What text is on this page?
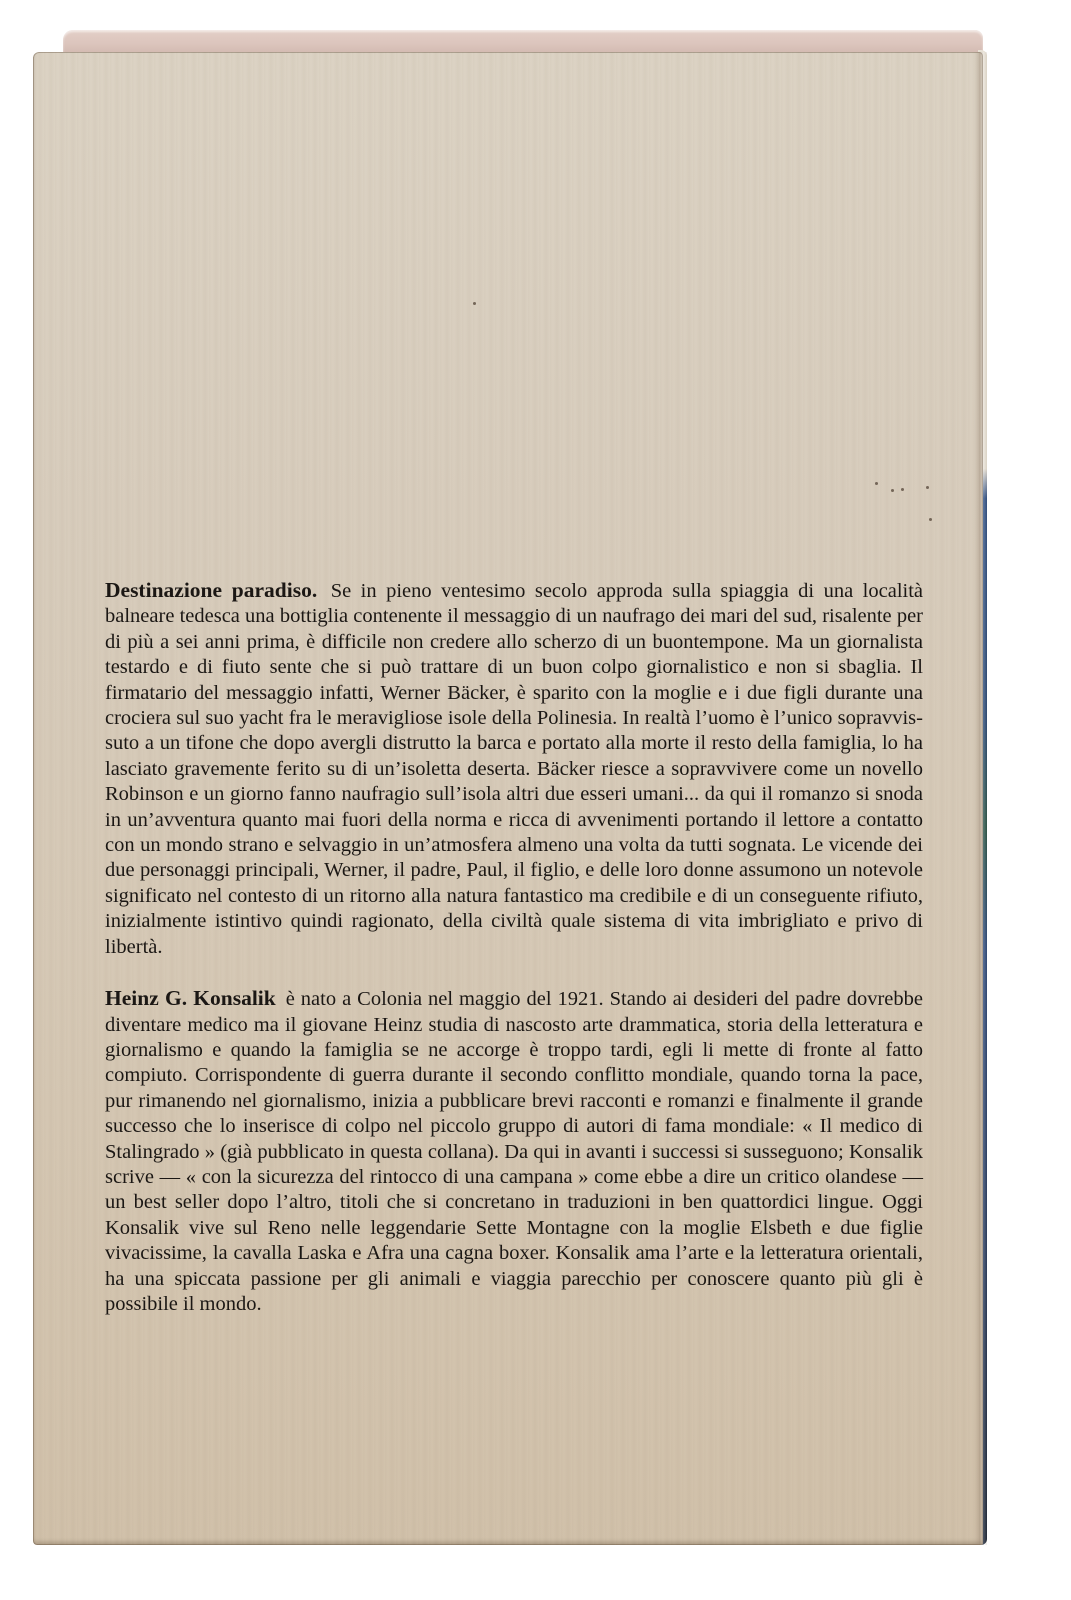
Destinazione paradiso. Se in pieno ventesimo secolo approda sulla spiaggia di una località balneare tedesca una bottiglia contenente il messaggio di un naufrago dei mari del sud, risalente per di più a sei anni prima, è difficile non credere allo scherzo di un buontempone. Ma un giornalista testardo e di fiuto sente che si può trattare di un buon colpo giornalistico e non si sbaglia. Il firmatario del messaggio infatti, Werner Bäcker, è sparito con la moglie e i due figli durante una crociera sul suo yacht fra le meravigliose isole della Polinesia. In realtà l’uomo è l’unico sopravvissuto a un tifone che dopo avergli distrutto la barca e portato alla morte il resto della famiglia, lo ha lasciato gravemente ferito su di un’isoletta deserta. Bäcker riesce a sopravvivere come un novello Robinson e un giorno fanno naufragio sull’isola altri due esseri umani... da qui il romanzo si snoda in un’avventura quanto mai fuori della norma e ricca di avvenimenti portando il lettore a contatto con un mondo strano e selvaggio in un’atmosfera almeno una volta da tutti sognata. Le vicende dei due personaggi principali, Werner, il padre, Paul, il figlio, e delle loro donne assumono un notevole significato nel contesto di un ritorno alla natura fantastico ma credibile e di un conseguente rifiuto, inizialmente istintivo quindi ragionato, della civiltà quale sistema di vita imbrigliato e privo di libertà.

Heinz G. Konsalik è nato a Colonia nel maggio del 1921. Stando ai desideri del padre dovrebbe diventare medico ma il giovane Heinz studia di nascosto arte drammatica, storia della letteratura e giornalismo e quando la famiglia se ne accorge è troppo tardi, egli li mette di fronte al fatto compiuto. Corrispondente di guerra durante il secondo conflitto mondiale, quando torna la pace, pur rimanendo nel giornalismo, inizia a pubblicare brevi racconti e romanzi e finalmente il grande successo che lo inserisce di colpo nel piccolo gruppo di autori di fama mondiale: « Il medico di Stalingrado » (già pubblicato in questa collana). Da qui in avanti i successi si susseguono; Konsalik scrive — « con la sicurezza del rintocco di una campana » come ebbe a dire un critico olandese — un best seller dopo l’altro, titoli che si concretano in traduzioni in ben quattordici lingue. Oggi Konsalik vive sul Reno nelle leggendarie Sette Montagne con la moglie Elsbeth e due figlie vivacissime, la cavalla Laska e Afra una cagna boxer. Konsalik ama l’arte e la letteratura orientali, ha una spiccata passione per gli animali e viaggia parecchio per conoscere quanto più gli è possibile il mondo.
